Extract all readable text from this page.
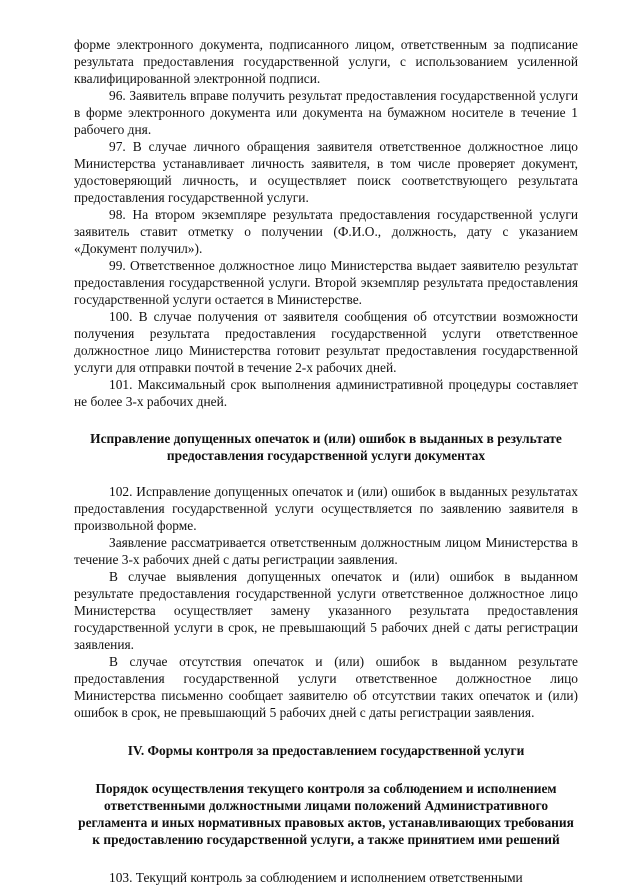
форме электронного документа, подписанного лицом, ответственным за подписание результата предоставления государственной услуги, с использованием усиленной квалифицированной электронной подписи.

96. Заявитель вправе получить результат предоставления государственной услуги в форме электронного документа или документа на бумажном носителе в течение 1 рабочего дня.

97. В случае личного обращения заявителя ответственное должностное лицо Министерства устанавливает личность заявителя, в том числе проверяет документ, удостоверяющий личность, и осуществляет поиск соответствующего результата предоставления государственной услуги.

98. На втором экземпляре результата предоставления государственной услуги заявитель ставит отметку о получении (Ф.И.О., должность, дату с указанием «Документ получил»).

99. Ответственное должностное лицо Министерства выдает заявителю результат предоставления государственной услуги. Второй экземпляр результата предоставления государственной услуги остается в Министерстве.

100. В случае получения от заявителя сообщения об отсутствии возможности получения результата предоставления государственной услуги ответственное должностное лицо Министерства готовит результат предоставления государственной услуги для отправки почтой в течение 2-х рабочих дней.

101. Максимальный срок выполнения административной процедуры составляет не более 3-х рабочих дней.

Исправление допущенных опечаток и (или) ошибок в выданных в результате предоставления государственной услуги документах

102. Исправление допущенных опечаток и (или) ошибок в выданных результатах предоставления государственной услуги осуществляется по заявлению заявителя в произвольной форме.

Заявление рассматривается ответственным должностным лицом Министерства в течение 3-х рабочих дней с даты регистрации заявления.

В случае выявления допущенных опечаток и (или) ошибок в выданном результате предоставления государственной услуги ответственное должностное лицо Министерства осуществляет замену указанного результата предоставления государственной услуги в срок, не превышающий 5 рабочих дней с даты регистрации заявления.

В случае отсутствия опечаток и (или) ошибок в выданном результате предоставления государственной услуги ответственное должностное лицо Министерства письменно сообщает заявителю об отсутствии таких опечаток и (или) ошибок в срок, не превышающий 5 рабочих дней с даты регистрации заявления.

IV. Формы контроля за предоставлением государственной услуги

Порядок осуществления текущего контроля за соблюдением и исполнением ответственными должностными лицами положений Административного регламента и иных нормативных правовых актов, устанавливающих требования к предоставлению государственной услуги, а также принятием ими решений

103. Текущий контроль за соблюдением и исполнением ответственными
